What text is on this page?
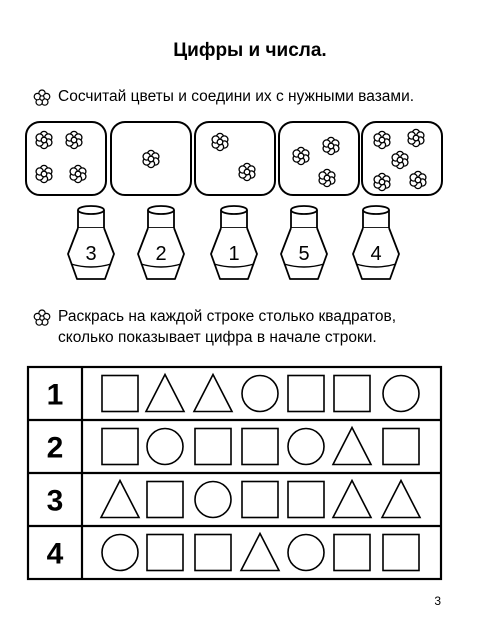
Цифры и числа.
Сосчитай цветы и соедини их с нужными вазами.
Раскрась на каждой строке столько квадратов,
сколько показывает цифра в начале строки.
3	2	1	5	4
1
2
3
4
3
